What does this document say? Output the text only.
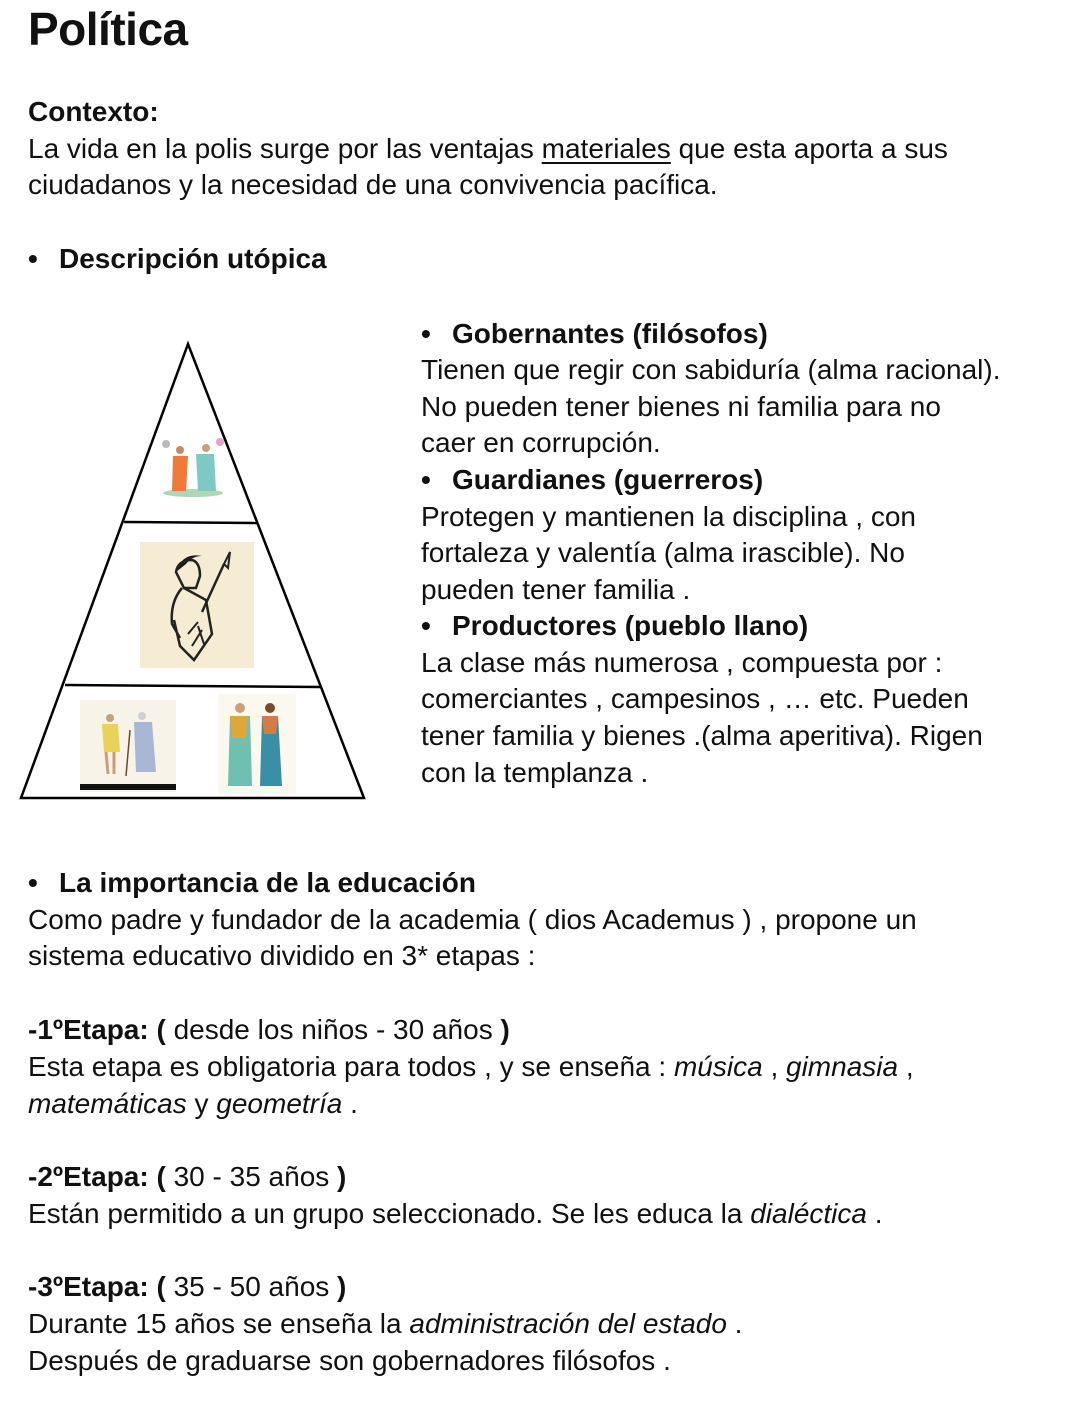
Política
Contexto:
La vida en la polis surge por las ventajas materiales que esta aporta a sus
ciudadanos y la necesidad de una convivencia pacífica.
• Descripción utópica
• Gobernantes (filósofos)
Tienen que regir con sabiduría (alma racional).
No pueden tener bienes ni familia para no
caer en corrupción.
• Guardianes (guerreros)
Protegen y mantienen la disciplina , con
fortaleza y valentía (alma irascible). No
pueden tener familia .
• Productores (pueblo llano)
La clase más numerosa , compuesta por :
comerciantes , campesinos , … etc. Pueden
tener familia y bienes .(alma aperitiva). Rigen
con la templanza .
• La importancia de la educación
Como padre y fundador de la academia ( dios Academus ) , propone un
sistema educativo dividido en 3* etapas :
-1ºEtapa: ( desde los niños - 30 años )
Esta etapa es obligatoria para todos , y se enseña : música , gimnasia ,
matemáticas y geometría .
-2ºEtapa: ( 30 - 35 años )
Están permitido a un grupo seleccionado. Se les educa la dialéctica .
-3ºEtapa: ( 35 - 50 años )
Durante 15 años se enseña la administración del estado .
Después de graduarse son gobernadores filósofos .
